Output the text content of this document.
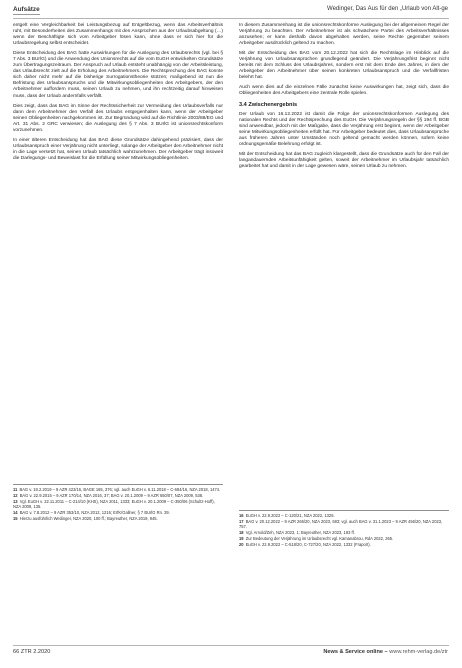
Aufsätze	Wedinger, Das Aus für den „Urlaub von Alt‑ge

entgelt eine Vergleichbarkeit bei Leistungsbezug auf Entgeltbezug, wenn das Arbeitsverhältnis ruht, mit Besonderheiten des Zusammenhangs mit den Ansprüchen aus der Urlaubsabgeltung (…) wenn der Beschäftigte sich vom Arbeitgeber lösen kann, ohne dass er sich hier für die Urlaubsregelung selbst entscheidet.

Diese Entscheidung des BAG hatte Auswirkungen für die Auslegung des Urlaubsrechts (vgl. bei § 7 Abs. 3 BUrlG) und die Anwendung des Unionsrechts auf die vom EuGH entwickelten Grundsätze zum Übertragungszeitraum. Der Anspruch auf Urlaub entsteht unabhängig von der Arbeitsleistung, das Urlaubsrecht zielt auf die Erholung des Arbeitnehmers. Die Rechtsprechung des BAG konnte sich daher nicht mehr auf die bisherige Surrogationstheorie stützen; maßgebend ist nun die Befristung des Urlaubsanspruchs und die Mitwirkungsobliegenheiten des Arbeitgebers, der den Arbeitnehmer auffordern muss, seinen Urlaub zu nehmen, und ihn rechtzeitig darauf hinweisen muss, dass der Urlaub andernfalls verfällt.

Dies zeigt, dass das BAG im Sinne der Rechtssicherheit zur Vermeidung des Urlaubsverfalls nur dann dem Arbeitnehmer den Verfall des Urlaubs entgegenhalten kann, wenn der Arbeitgeber seinen Obliegenheiten nachgekommen ist. Zur Begründung wird auf die Richtlinie 2003/88/EG und Art. 31 Abs. 2 GRC verwiesen; die Auslegung des § 7 Abs. 3 BUrlG ist unionsrechtskonform vorzunehmen.

In einer älteren Entscheidung hat das BAG diese Grundsätze dahingehend präzisiert, dass der Urlaubsanspruch einer Verjährung nicht unterliegt, solange der Arbeitgeber den Arbeitnehmer nicht in die Lage versetzt hat, seinen Urlaub tatsächlich wahrzunehmen. Der Arbeitgeber trägt insoweit die Darlegungs- und Beweislast für die Erfüllung seiner Mitwirkungsobliegenheiten.

11 BAG v. 19.2.2019 – 9 AZR 423/16, BAGE 165, 376; vgl. auch EuGH v. 6.11.2018 – C-684/16, NZA 2018, 1474.
12 BAG v. 22.9.2015 – 9 AZR 170/14, NZA 2016, 37; BAG v. 20.1.2009 – 9 AZR 650/07, NZA 2009, 538.
13 Vgl. EuGH v. 22.11.2011 – C-214/10 (KHS), NZA 2011, 1333; EuGH v. 20.1.2009 – C-350/06 (Schultz-Hoff), NZA 2009, 135.
14 BAG v. 7.8.2012 – 9 AZR 353/10, NZA 2012, 1216; ErfK/Gallner, § 7 BUrlG Rn. 39.
15 Hierzu ausführlich Wedinger, NZA 2020, 100 ff.; Bayreuther, NZA 2019, 945.

In diesem Zusammenhang ist die unionsrechtskonforme Auslegung bei der allgemeinen Regel der Verjährung zu beachten. Der Arbeitnehmer ist als schwächere Partei des Arbeitsverhältnisses anzusehen; er kann deshalb davon abgehalten werden, seine Rechte gegenüber seinem Arbeitgeber ausdrücklich geltend zu machen.

Mit der Entscheidung des BAG vom 20.12.2022 hat sich die Rechtslage im Hinblick auf die Verjährung von Urlaubsansprüchen grundlegend geändert. Die Verjährungsfrist beginnt nicht bereits mit dem Schluss des Urlaubsjahres, sondern erst mit dem Ende des Jahres, in dem der Arbeitgeber den Arbeitnehmer über seinen konkreten Urlaubsanspruch und die Verfallfristen belehrt hat.

Auch wenn dies auf die einzelnen Fälle zunächst keine Auswirkungen hat, zeigt sich, dass die Obliegenheiten des Arbeitgebers eine zentrale Rolle spielen.

3.4 Zwischenergebnis

Der Urlaub von 16.12.2022 ist damit die Folge der unionsrechtskonformen Auslegung des nationalen Rechts und der Rechtsprechung des EuGH. Die Verjährungsregeln der §§ 194 ff. BGB sind anwendbar, jedoch mit der Maßgabe, dass die Verjährung erst beginnt, wenn der Arbeitgeber seine Mitwirkungsobliegenheiten erfüllt hat. Für Arbeitgeber bedeutet dies, dass Urlaubsansprüche aus früheren Jahren unter Umständen noch geltend gemacht werden können, sofern keine ordnungsgemäße Belehrung erfolgt ist.

Mit der Entscheidung hat das BAG zugleich klargestellt, dass die Grundsätze auch für den Fall der langandauernden Arbeitsunfähigkeit gelten, soweit der Arbeitnehmer im Urlaubsjahr tatsächlich gearbeitet hat und damit in der Lage gewesen wäre, seinen Urlaub zu nehmen.

16 EuGH v. 22.9.2022 – C-120/21, NZA 2022, 1326.
17 BAG v. 20.12.2022 – 9 AZR 266/20, NZA 2023, 683; vgl. auch BAG v. 31.1.2023 – 9 AZR 456/20, NZA 2023, 757.
18 Vgl. Arnold/Zeh, NZA 2023, 1; Bayreuther, NZA 2023, 193 ff.
19 Zur Bedeutung der Verjährung im Urlaubsrecht vgl. Kamanabrou, RdA 2022, 265.
20 EuGH v. 22.9.2022 – C-518/20, C-727/20, NZA 2022, 1332 (Fraport).
66 ZTR 2.2020	News & Service online – www.rehm-verlag.de/ztr
